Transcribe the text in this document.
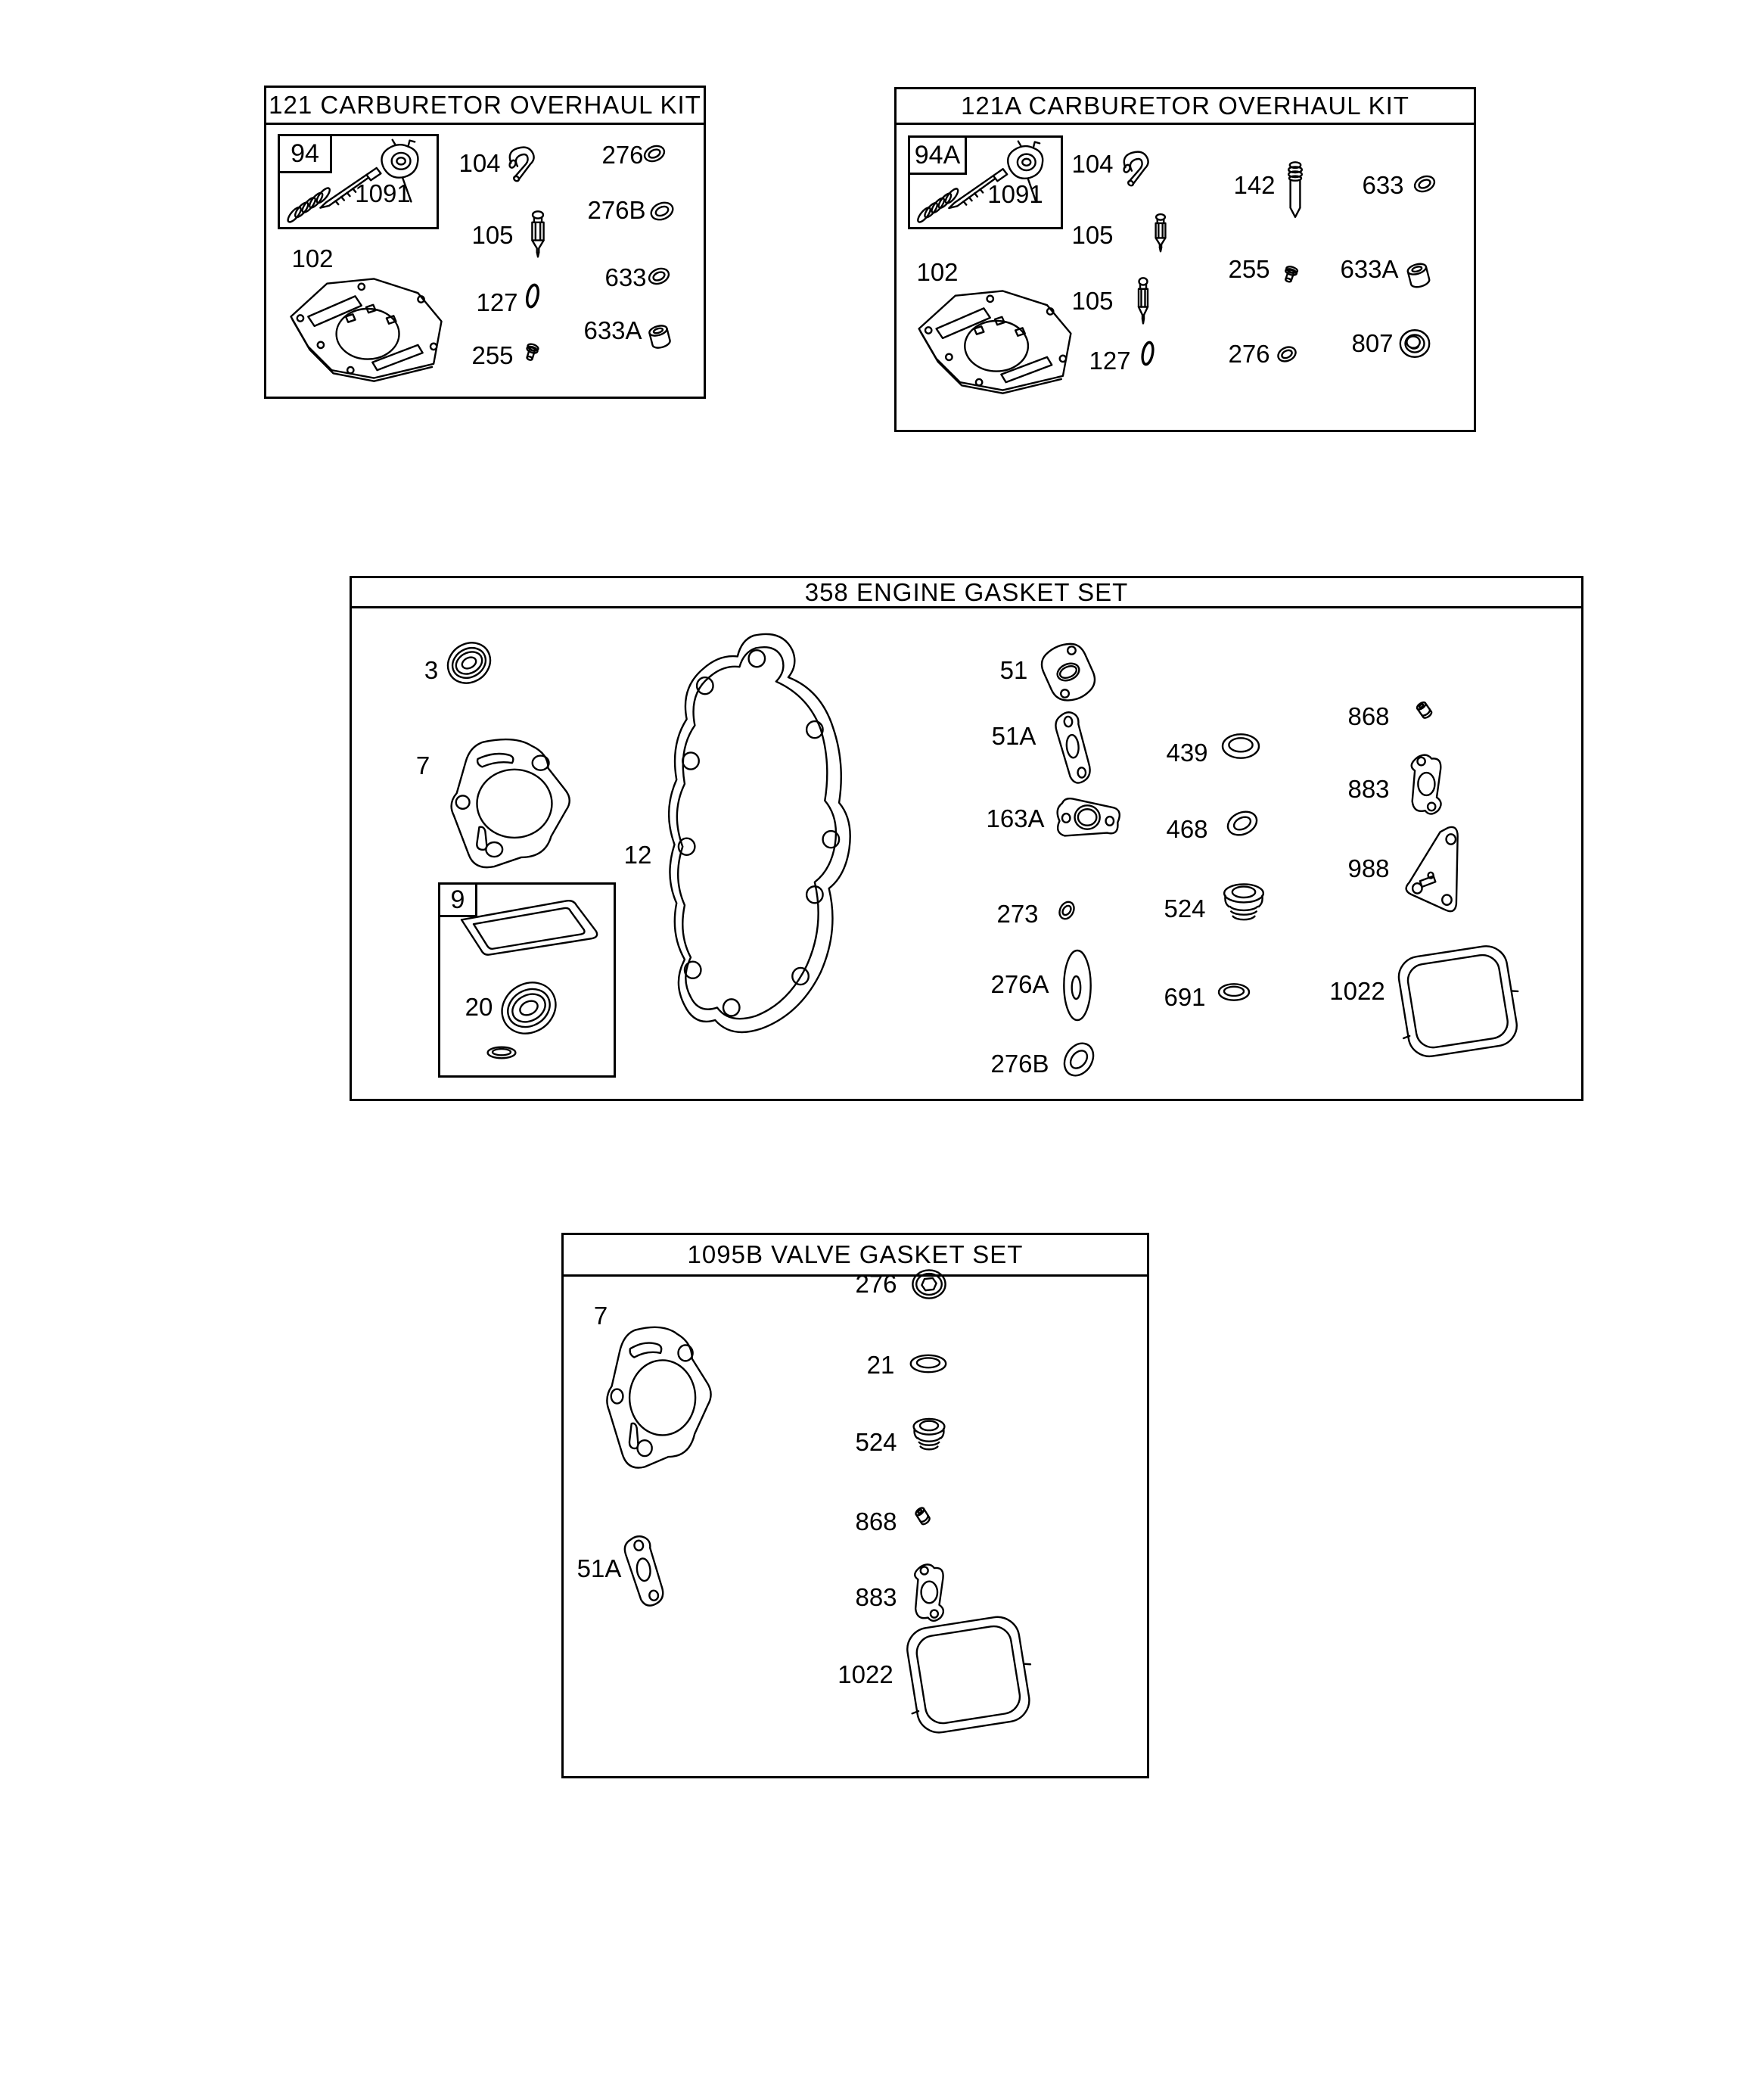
121 CARBURETOR OVERHAUL KIT
94
1091
104	276
276B
105
633
102
127
633A
255
121A CARBURETOR OVERHAUL KIT
94A
1091
104
142	633
105
255	633A
102
105
127	276	807
358 ENGINE GASKET SET
9
3
7
12
20
51
51A
163A
273
276A
276B
439
468
524
691
868
883
988
1022
1095B VALVE GASKET SET
7
51A
276
21
524
868
883
1022
